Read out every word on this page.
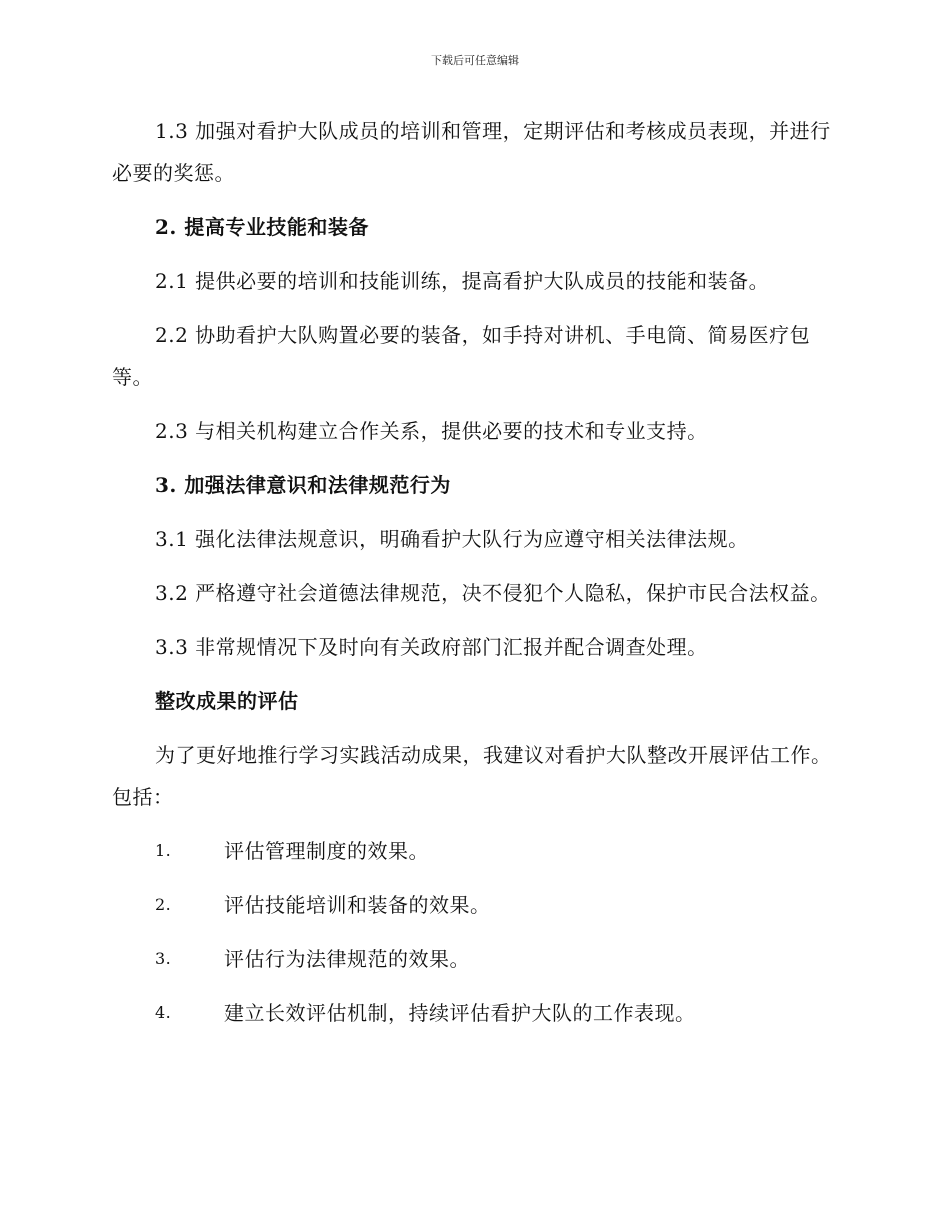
下载后可任意编辑

1.3 加强对看护大队成员的培训和管理，定期评估和考核成员表现，并进行必要的奖惩。

2. 提高专业技能和装备

2.1 提供必要的培训和技能训练，提高看护大队成员的技能和装备。

2.2 协助看护大队购置必要的装备，如手持对讲机、手电筒、简易医疗包等。

2.3 与相关机构建立合作关系，提供必要的技术和专业支持。

3. 加强法律意识和法律规范行为

3.1 强化法律法规意识，明确看护大队行为应遵守相关法律法规。

3.2 严格遵守社会道德法律规范，决不侵犯个人隐私，保护市民合法权益。

3.3 非常规情况下及时向有关政府部门汇报并配合调查处理。

整改成果的评估

为了更好地推行学习实践活动成果，我建议对看护大队整改开展评估工作。包括：

1.	评估管理制度的效果。
2.	评估技能培训和装备的效果。
3.	评估行为法律规范的效果。
4.	建立长效评估机制，持续评估看护大队的工作表现。
